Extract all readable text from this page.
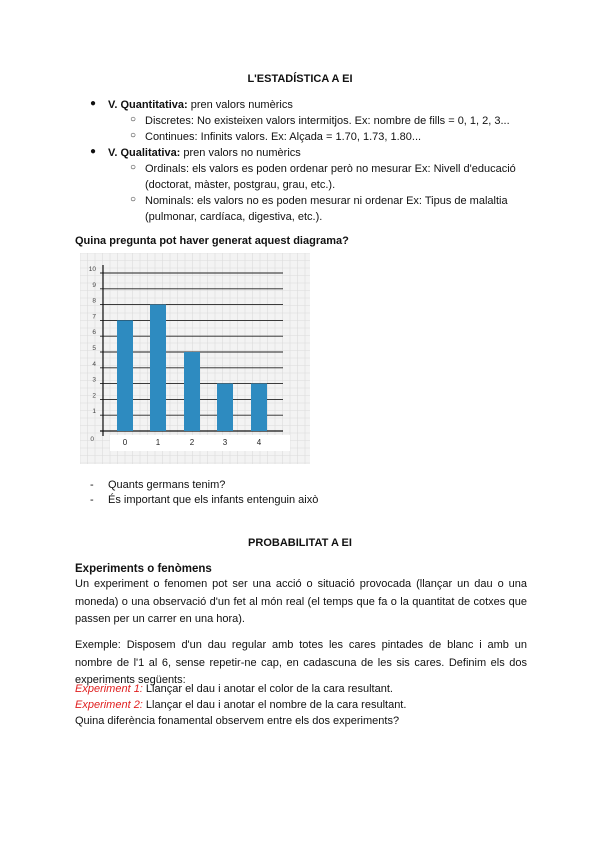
L'ESTADÍSTICA A EI
● V. Quantitativa: pren valors numèrics
○ Discretes: No existeixen valors intermitjos. Ex: nombre de fills = 0, 1, 2, 3...
○ Continues: Infinits valors. Ex: Alçada = 1.70, 1.73, 1.80...
● V. Qualitativa: pren valors no numèrics
○ Ordinals: els valors es poden ordenar però no mesurar Ex: Nivell d'educació
(doctorat, màster, postgrau, grau, etc.).
○ Nominals: els valors no es poden mesurar ni ordenar Ex: Tipus de malaltia
(pulmonar, cardíaca, digestiva, etc.).
Quina pregunta pot haver generat aquest diagrama?
0
1
2
3
4
5
6
7
8
9
10
0	1	2	3	4
- Quants germans tenim?
- És important que els infants entenguin això
PROBABILITAT A EI
Experiments o fenòmens
Un experiment o fenomen pot ser una acció o situació provocada (llançar un dau o una moneda) o una observació d'un fet al món real (el temps que fa o la quantitat de cotxes que passen per un carrer en una hora).
Exemple: Disposem d'un dau regular amb totes les cares pintades de blanc i amb un nombre de l'1 al 6, sense repetir-ne cap, en cadascuna de les sis cares. Definim els dos experiments següents:
Experiment 1: Llançar el dau i anotar el color de la cara resultant.
Experiment 2: Llançar el dau i anotar el nombre de la cara resultant.
Quina diferència fonamental observem entre els dos experiments?
